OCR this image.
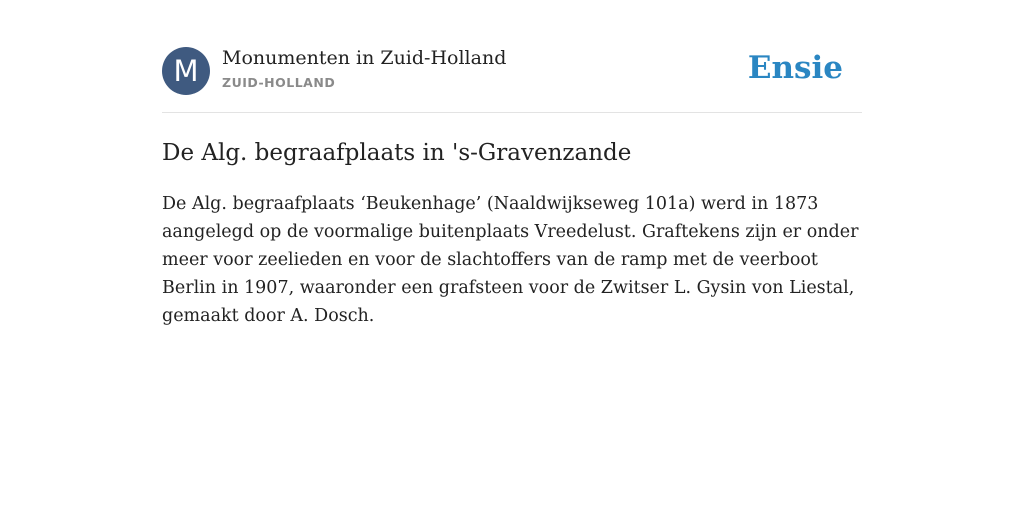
M	Monumenten in Zuid-Holland
ZUID-HOLLAND	Ensie
De Alg. begraafplaats in 's-Gravenzande

De Alg. begraafplaats ‘Beukenhage’ (Naaldwijkseweg 101a) werd in 1873 aangelegd op de voormalige buitenplaats Vreedelust. Graftekens zijn er onder meer voor zeelieden en voor de slachtoffers van de ramp met de veerboot Berlin in 1907, waaronder een grafsteen voor de Zwitser L. Gysin von Liestal, gemaakt door A. Dosch.
